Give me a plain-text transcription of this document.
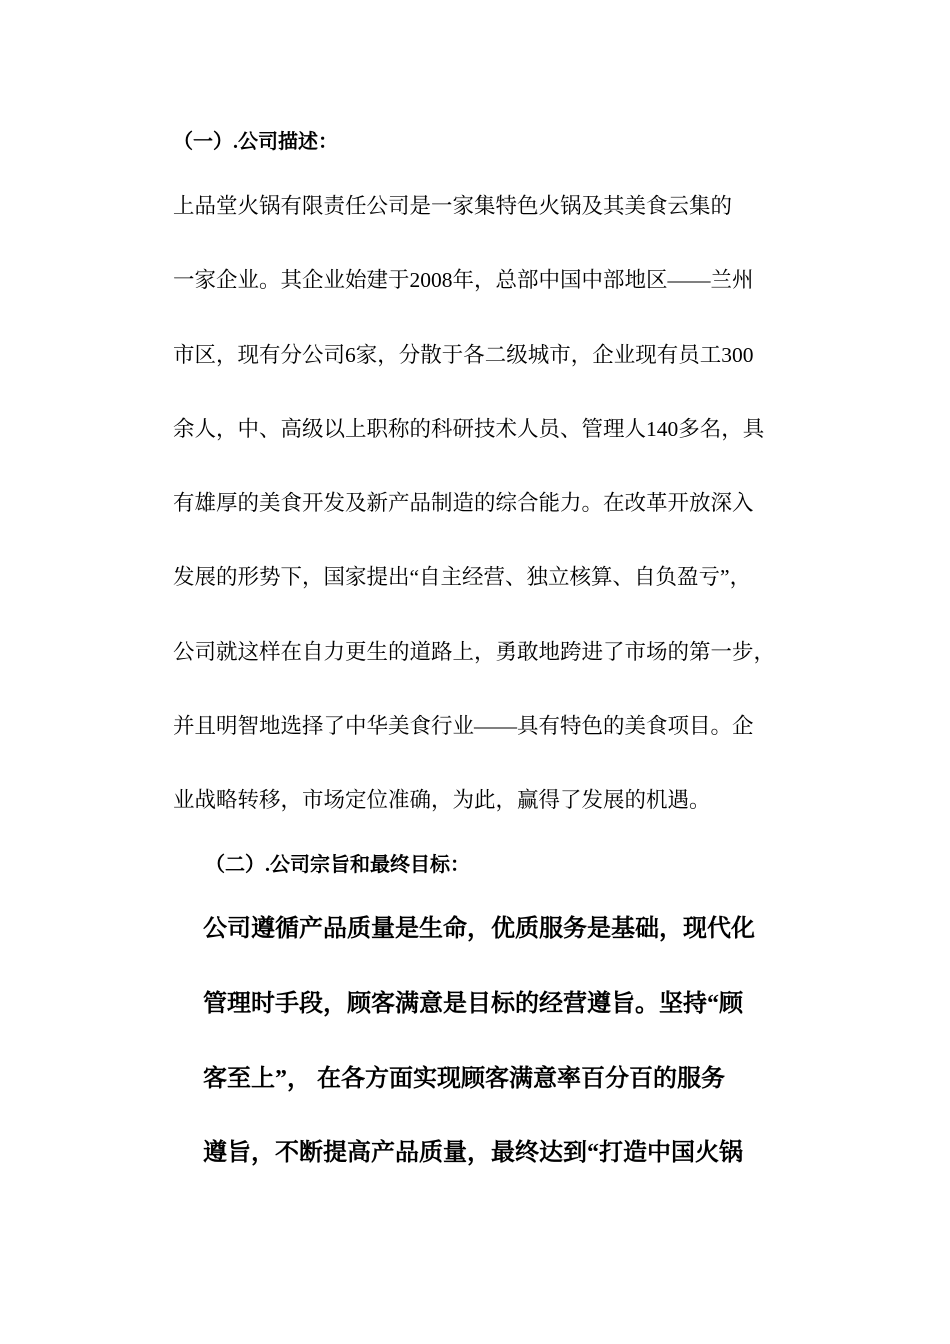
（一）.公司描述：
上品堂火锅有限责任公司是一家集特色火锅及其美食云集的
一家企业。其企业始建于2008年，总部中国中部地区——兰州
市区，现有分公司6家，分散于各二级城市，企业现有员工300
余人，中、高级以上职称的科研技术人员、管理人140多名，具
有雄厚的美食开发及新产品制造的综合能力。在改革开放深入
发展的形势下，国家提出“自主经营、独立核算、自负盈亏”，
公司就这样在自力更生的道路上，勇敢地跨进了市场的第一步，
并且明智地选择了中华美食行业——具有特色的美食项目。企
业战略转移，市场定位准确，为此，赢得了发展的机遇。
（二）.公司宗旨和最终目标：
公司遵循产品质量是生命，优质服务是基础，现代化
管理时手段，顾客满意是目标的经营遵旨。坚持“顾
客至上”， 在各方面实现顾客满意率百分百的服务
遵旨，不断提高产品质量，最终达到“打造中国火锅
